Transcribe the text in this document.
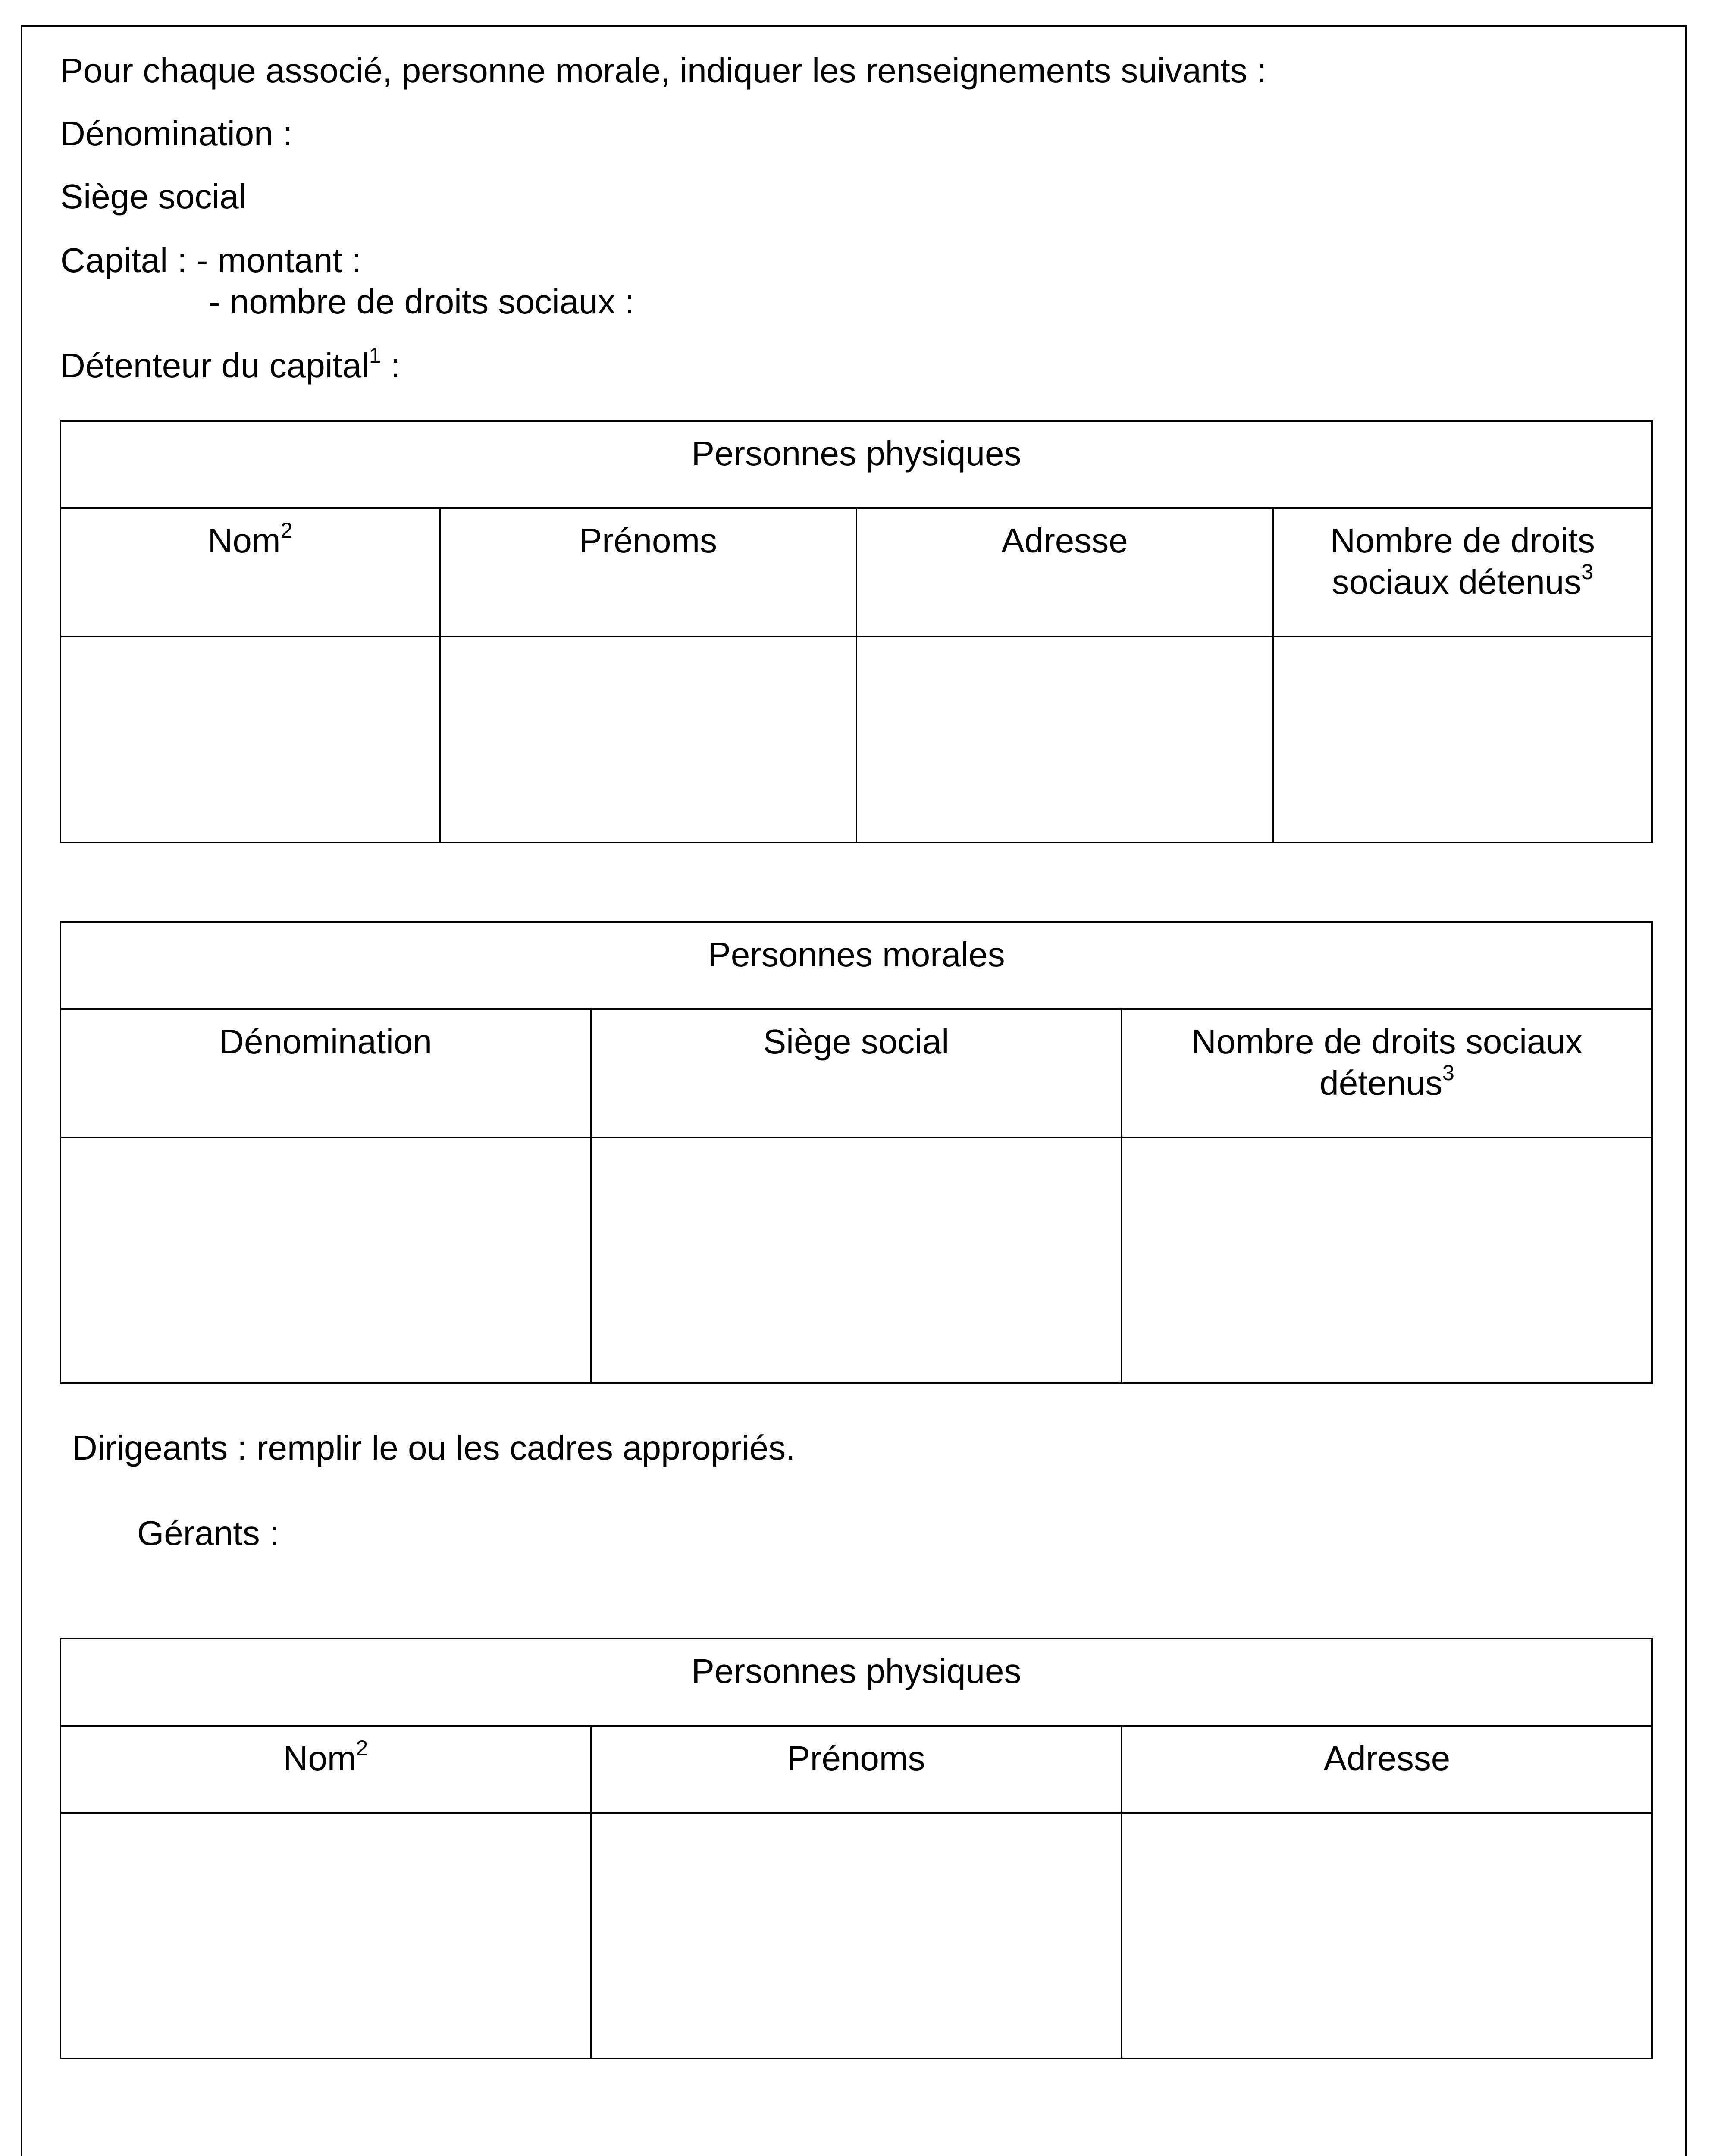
Pour chaque associé, personne morale, indiquer les renseignements suivants :
Dénomination :
Siège social
Capital : - montant :
- nombre de droits sociaux :
Détenteur du capital$^1$ :
Personnes physiques			
Nom$^2$	Prénoms	Adresse	Nombre de droits sociaux détenus$^3$

Personnes morales		
Dénomination	Siège social	Nombre de droits sociaux détenus$^3$

Dirigeants : remplir le ou les cadres appropriés.
Gérants :
Personnes physiques		
Nom$^2$	Prénoms	Adresse
